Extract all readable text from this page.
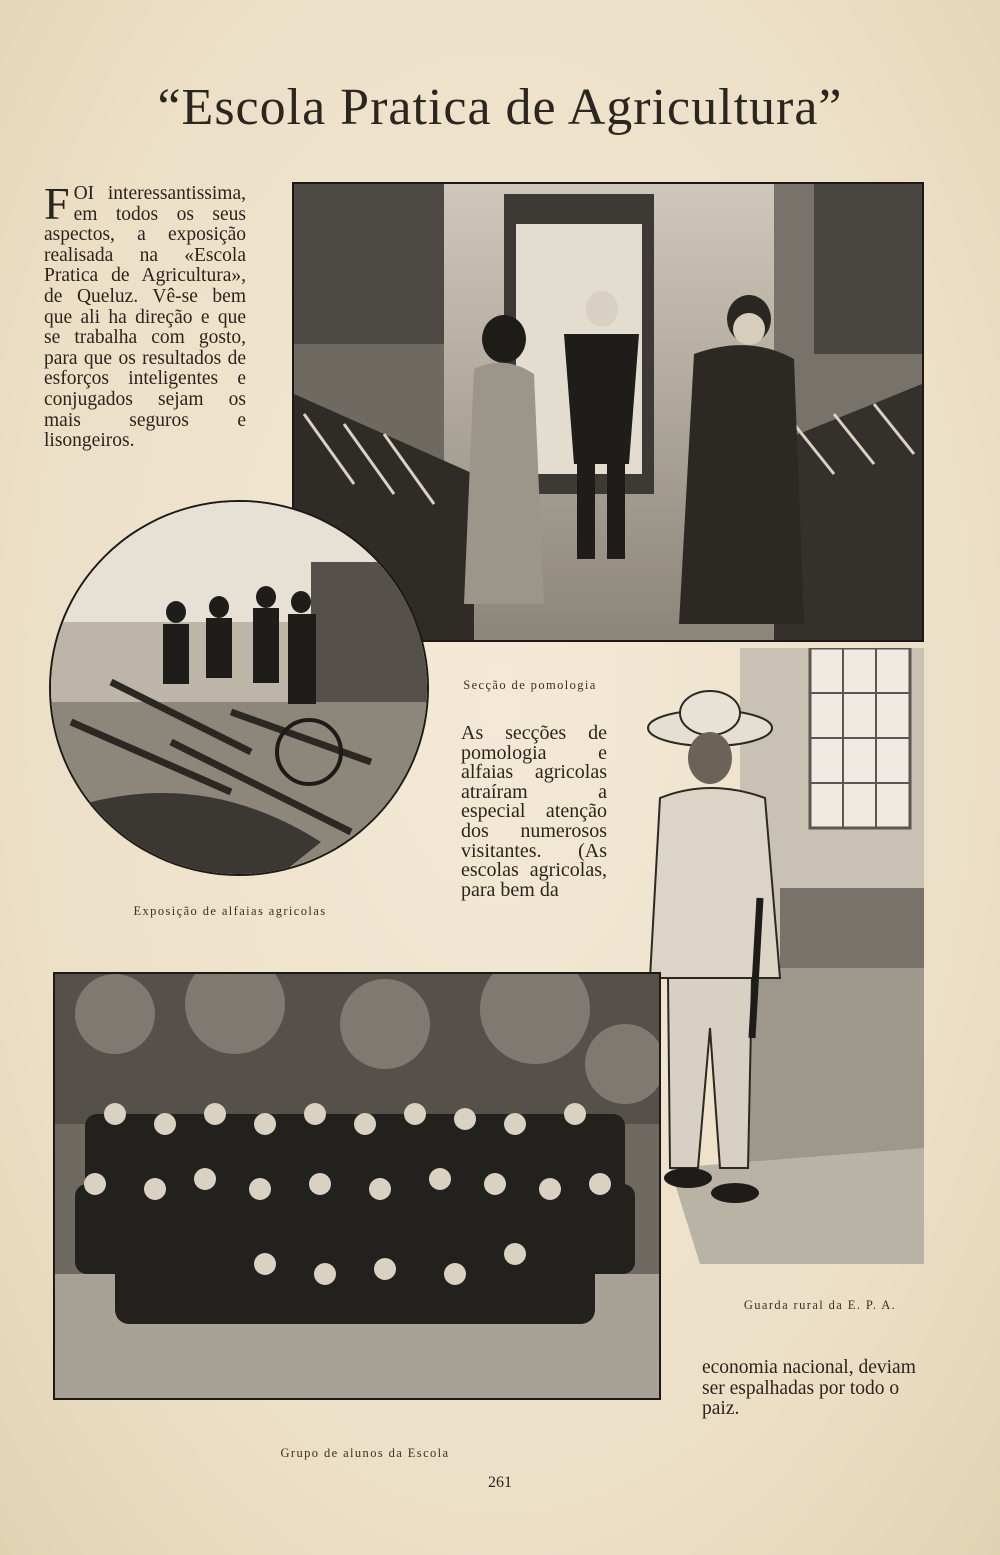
“Escola Pratica de Agricultura”
FOI interessantissima, em todos os seus aspectos, a exposição realisada na «Escola Pratica de Agricultura», de Queluz. Vê-se bem que ali ha direção e que se trabalha com gosto, para que os resultados de esforços inteligentes e conjugados sejam os mais seguros e lisongeiros.
Secção de pomologia
Exposição de alfaias agricolas
As secções de pomologia e alfaias agricolas atraíram a especial atenção dos numerosos visitantes. (As escolas agricolas, para bem da
Guarda rural da E. P. A.
Grupo de alunos da Escola
economia nacional, deviam ser espalhadas por todo o paiz.
261
